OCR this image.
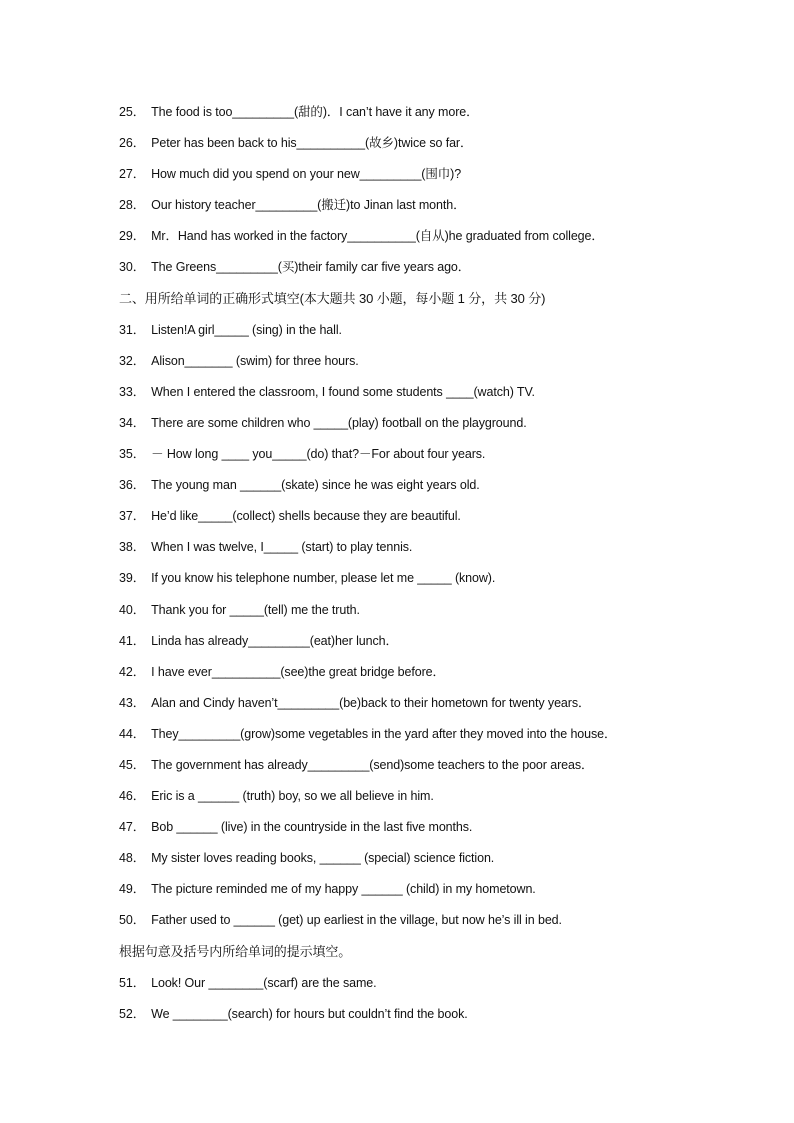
25． The food is too_________(甜的)．I can’t have it any more．
26． Peter has been back to his__________(故乡)twice so far．
27． How much did you spend on your new_________(围巾)?
28． Our history teacher_________(搬迁)to Jinan last month．
29． Mr．Hand has worked in the factory__________(自从)he graduated from college．
30． The Greens_________(买)their family car five years ago．
二、用所给单词的正确形式填空(本大题共 30 小题，每小题 1 分，共 30 分)
31． Listen!A girl_____ (sing) in the hall.
32． Alison_______ (swim) for three hours.
33． When I entered the classroom, I found some students ____(watch) TV.
34． There are some children who _____(play) football on the playground.
35． － How long ____ you_____(do) that?－For about four years.
36． The young man ______(skate) since he was eight years old.
37． He’d like_____(collect) shells because they are beautiful.
38． When I was twelve, I_____ (start) to play tennis.
39． If you know his telephone number, please let me _____ (know).
40． Thank you for _____(tell) me the truth.
41． Linda has already_________(eat)her lunch．
42． I have ever__________(see)the great bridge before．
43． Alan and Cindy haven’t_________(be)back to their hometown for twenty years．
44． They_________(grow)some vegetables in the yard after they moved into the house．
45． The government has already_________(send)some teachers to the poor areas．
46． Eric is a ______ (truth) boy, so we all believe in him.
47． Bob ______ (live) in the countryside in the last five months.
48． My sister loves reading books, ______ (special) science fiction.
49． The picture reminded me of my happy ______ (child) in my hometown.
50． Father used to ______ (get) up earliest in the village, but now he’s ill in bed.
根据句意及括号内所给单词的提示填空。
51． Look! Our ________(scarf) are the same.
52． We ________(search) for hours but couldn’t find the book.
